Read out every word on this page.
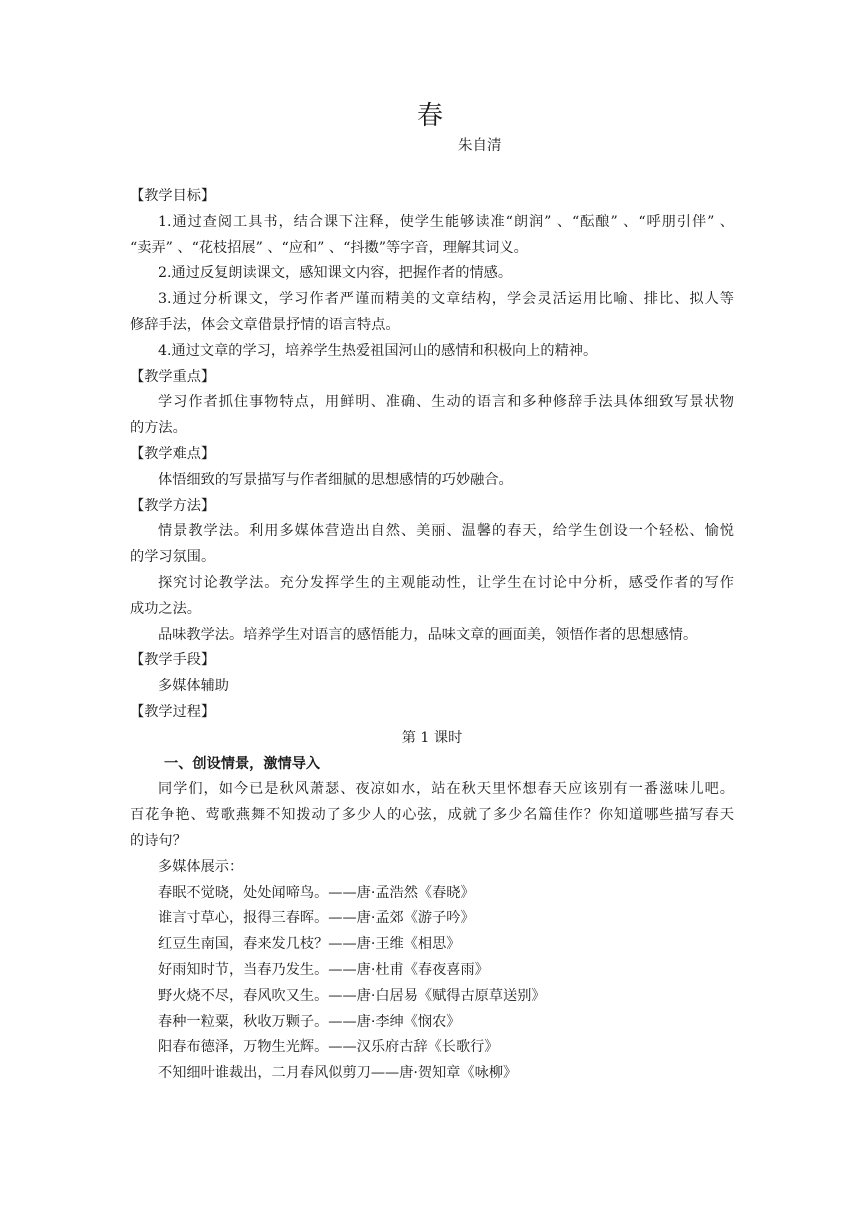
春
朱自清
【教学目标】
1.通过查阅工具书，结合课下注释，使学生能够读准“朗润” 、“酝酿” 、“呼朋引伴” 、
“卖弄” 、“花枝招展” 、“应和” 、“抖擞”等字音，理解其词义。
2.通过反复朗读课文，感知课文内容，把握作者的情感。
3.通过分析课文，学习作者严谨而精美的文章结构，学会灵活运用比喻、排比、拟人等
修辞手法，体会文章借景抒情的语言特点。
4.通过文章的学习，培养学生热爱祖国河山的感情和积极向上的精神。
【教学重点】
学习作者抓住事物特点，用鲜明、准确、生动的语言和多种修辞手法具体细致写景状物
的方法。
【教学难点】
体悟细致的写景描写与作者细腻的思想感情的巧妙融合。
【教学方法】
情景教学法。利用多媒体营造出自然、美丽、温馨的春天，给学生创设一个轻松、愉悦
的学习氛围。
探究讨论教学法。充分发挥学生的主观能动性，让学生在讨论中分析，感受作者的写作
成功之法。
品味教学法。培养学生对语言的感悟能力，品味文章的画面美，领悟作者的思想感情。
【教学手段】
多媒体辅助
【教学过程】
第 1 课时
一、创设情景，激情导入
同学们，如今已是秋风萧瑟、夜凉如水，站在秋天里怀想春天应该别有一番滋味儿吧。
百花争艳、莺歌燕舞不知拨动了多少人的心弦，成就了多少名篇佳作？你知道哪些描写春天
的诗句？
多媒体展示：
春眠不觉晓，处处闻啼鸟。——唐·孟浩然《春晓》
谁言寸草心，报得三春晖。——唐·孟郊《游子吟》
红豆生南国，春来发几枝？——唐·王维《相思》
好雨知时节，当春乃发生。——唐·杜甫《春夜喜雨》
野火烧不尽，春风吹又生。——唐·白居易《赋得古原草送别》
春种一粒粟，秋收万颗子。——唐·李绅《悯农》
阳春布德泽，万物生光辉。——汉乐府古辞《长歌行》
不知细叶谁裁出，二月春风似剪刀——唐·贺知章《咏柳》
